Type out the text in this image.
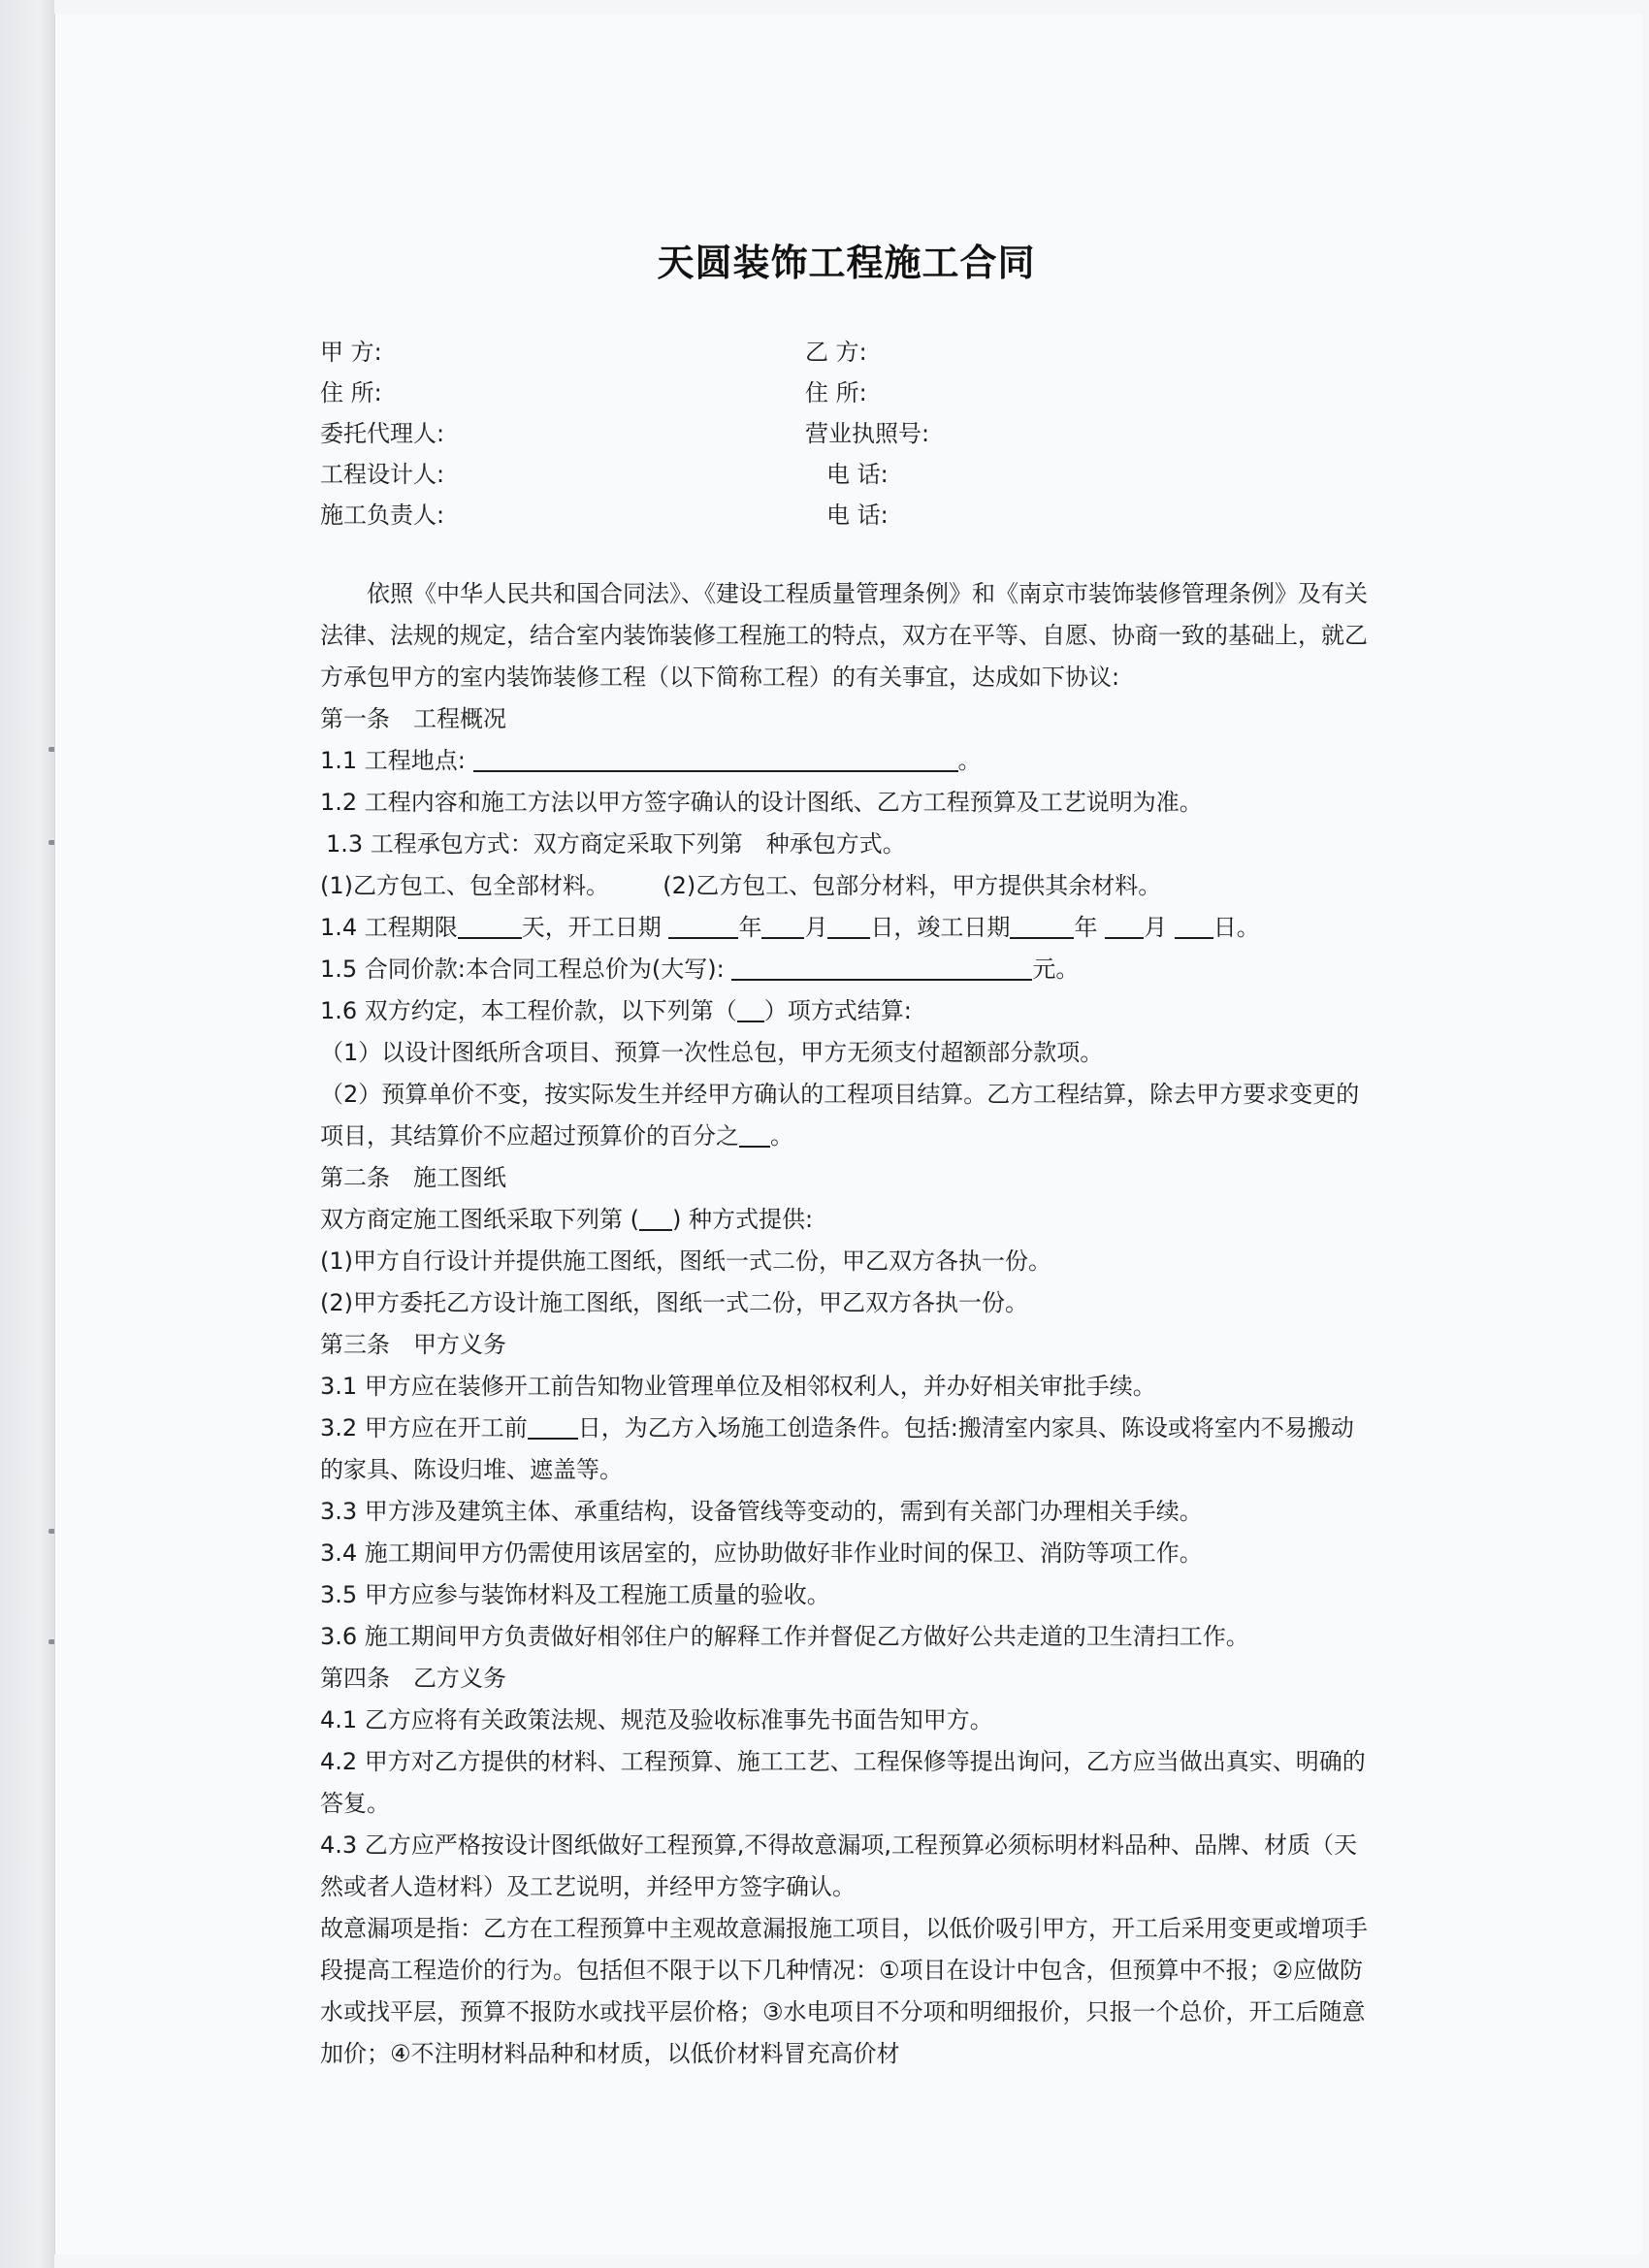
天圆装饰工程施工合同
甲 方:	乙 方:
住 所:	住 所:
委托代理人:	营业执照号:
工程设计人:	电 话:
施工负责人:	电 话:

依照《中华人民共和国合同法》、《建设工程质量管理条例》和《南京市装饰装修管理条例》及有关法律、法规的规定，结合室内装饰装修工程施工的特点，双方在平等、自愿、协商一致的基础上，就乙方承包甲方的室内装饰装修工程（以下简称工程）的有关事宜，达成如下协议:

第一条　工程概况

1.1 工程地点:	。

1.2 工程内容和施工方法以甲方签字确认的设计图纸、乙方工程预算及工艺说明为准。

1.3 工程承包方式：双方商定采取下列第　种承包方式。

(1)乙方包工、包全部材料。 (2)乙方包工、包部分材料，甲方提供其余材料。

1.4 工程期限	天，开工日期	年 月 日，竣工日期	年 月 日。

1.5 合同价款:本合同工程总价为(大写):	元。

1.6 双方约定，本工程价款，以下列第（ ）项方式结算:

（1）以设计图纸所含项目、预算一次性总包，甲方无须支付超额部分款项。

（2）预算单价不变，按实际发生并经甲方确认的工程项目结算。乙方工程结算，除去甲方要求变更的项目，其结算价不应超过预算价的百分之 。

第二条　施工图纸

双方商定施工图纸采取下列第 ( ) 种方式提供:

(1)甲方自行设计并提供施工图纸，图纸一式二份，甲乙双方各执一份。

(2)甲方委托乙方设计施工图纸，图纸一式二份，甲乙双方各执一份。

第三条　甲方义务

3.1 甲方应在装修开工前告知物业管理单位及相邻权利人，并办好相关审批手续。

3.2 甲方应在开工前 日，为乙方入场施工创造条件。包括:搬清室内家具、陈设或将室内不易搬动的家具、陈设归堆、遮盖等。

3.3 甲方涉及建筑主体、承重结构，设备管线等变动的，需到有关部门办理相关手续。

3.4 施工期间甲方仍需使用该居室的，应协助做好非作业时间的保卫、消防等项工作。

3.5 甲方应参与装饰材料及工程施工质量的验收。

3.6 施工期间甲方负责做好相邻住户的解释工作并督促乙方做好公共走道的卫生清扫工作。

第四条　乙方义务

4.1 乙方应将有关政策法规、规范及验收标准事先书面告知甲方。

4.2 甲方对乙方提供的材料、工程预算、施工工艺、工程保修等提出询问，乙方应当做出真实、明确的答复。

4.3 乙方应严格按设计图纸做好工程预算,不得故意漏项,工程预算必须标明材料品种、品牌、材质（天然或者人造材料）及工艺说明，并经甲方签字确认。

故意漏项是指：乙方在工程预算中主观故意漏报施工项目，以低价吸引甲方，开工后采用变更或增项手段提高工程造价的行为。包括但不限于以下几种情况：①项目在设计中包含，但预算中不报；②应做防水或找平层，预算不报防水或找平层价格；③水电项目不分项和明细报价，只报一个总价，开工后随意加价；④不注明材料品种和材质，以低价材料冒充高价材
